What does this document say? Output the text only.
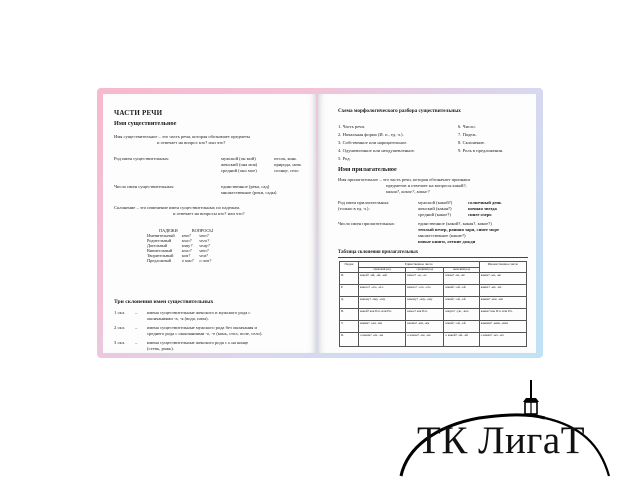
ЧАСТИ РЕЧИ
Имя существительное
Имя существительное – это часть речи, которая обозначает предметы
и отвечает на вопрос кто? или что?
Род имен существительных:	мужской (он мой)	песок, конь
женский (она моя)	природа, ночь
средний (оно мое)	солнце, село
Число имен существительных:	единственное (река, сад)
множественное (реки, сады)
Склонение – это изменение имен существительных по падежам.
и отвечает на вопросы кто? или что?
ПАДЕЖИ	ВОПРОСЫ	
Именительный	кто?	что?
Родительный	кого?	чего?
Дательный	кому?	чему?
Винительный	кого?	что?
Творительный	кем?	чем?
Предложный	о ком?	о чем?
Три склонения имен существительных
1 скл. – имена существительные женского и мужского рода с
окончаниями -а, -я (вода, папа).
2 скл. – имена существительные мужского рода без окончания и
среднего рода с окончаниями -о, -е (конь, стол, поле, село).
3 скл. – имена существительные женского рода с ь на конце
(степь, рожь).
Схема морфологического разбора существительных
1. Часть речи.
2. Начальная форма (И. п., ед. ч.).
3. Собственное или нарицательное.
4. Одушевленное или неодушевленное.
5. Род.
6. Число.
7. Падеж.
8. Склонение.
9. Роль в предложении.
Имя прилагательное
Имя прилагательное – это часть речи, которая обозначает признаки
предметов и отвечает на вопросы какой?,
какая?, какое?, какие?
Род имен прилагательных
(только в ед. ч.):
мужской (какой?)	солнечный день
женский (какая?)	ночная звезда
средний (какое?)	синее озеро
Число имен прилагательных:	единственное (какой?, какая?, какое?)
теплый вечер, ранняя заря, синее море
множественное (какие?)
новые книги, летние дожди
Таблица склонения прилагательных
Падеж	Единственное число			Множественное число
	мужской род	средний род	женский род	
И.	какой? -ий, -ой, -ый	какое? -ое, -ее	какая? -ая, -яя	какие? -ые, -ие
Р.	какого? -ого, -его	какого? -ого, -его	какой? -ой, -ей	каких? -ых, -их
Д.	какому? -ому, -ему	какому? -ому, -ему	какой? -ой, -ей	каким? -ым, -им
В.	какой? как И.п. или Р.п.	какое? как И.п.	какую? -ую, -юю	какие? как И.п. или Р.п.
Т.	каким? -ым, -им	каким? -ым, -им	какой? -ой, -ей	какими? -ыми, -ими
П.	о каком? -ом, -ем	о каком? -ом, -ем	о какой? -ой, -ей	о каких? -ых, -их
ТК ЛигаТ
